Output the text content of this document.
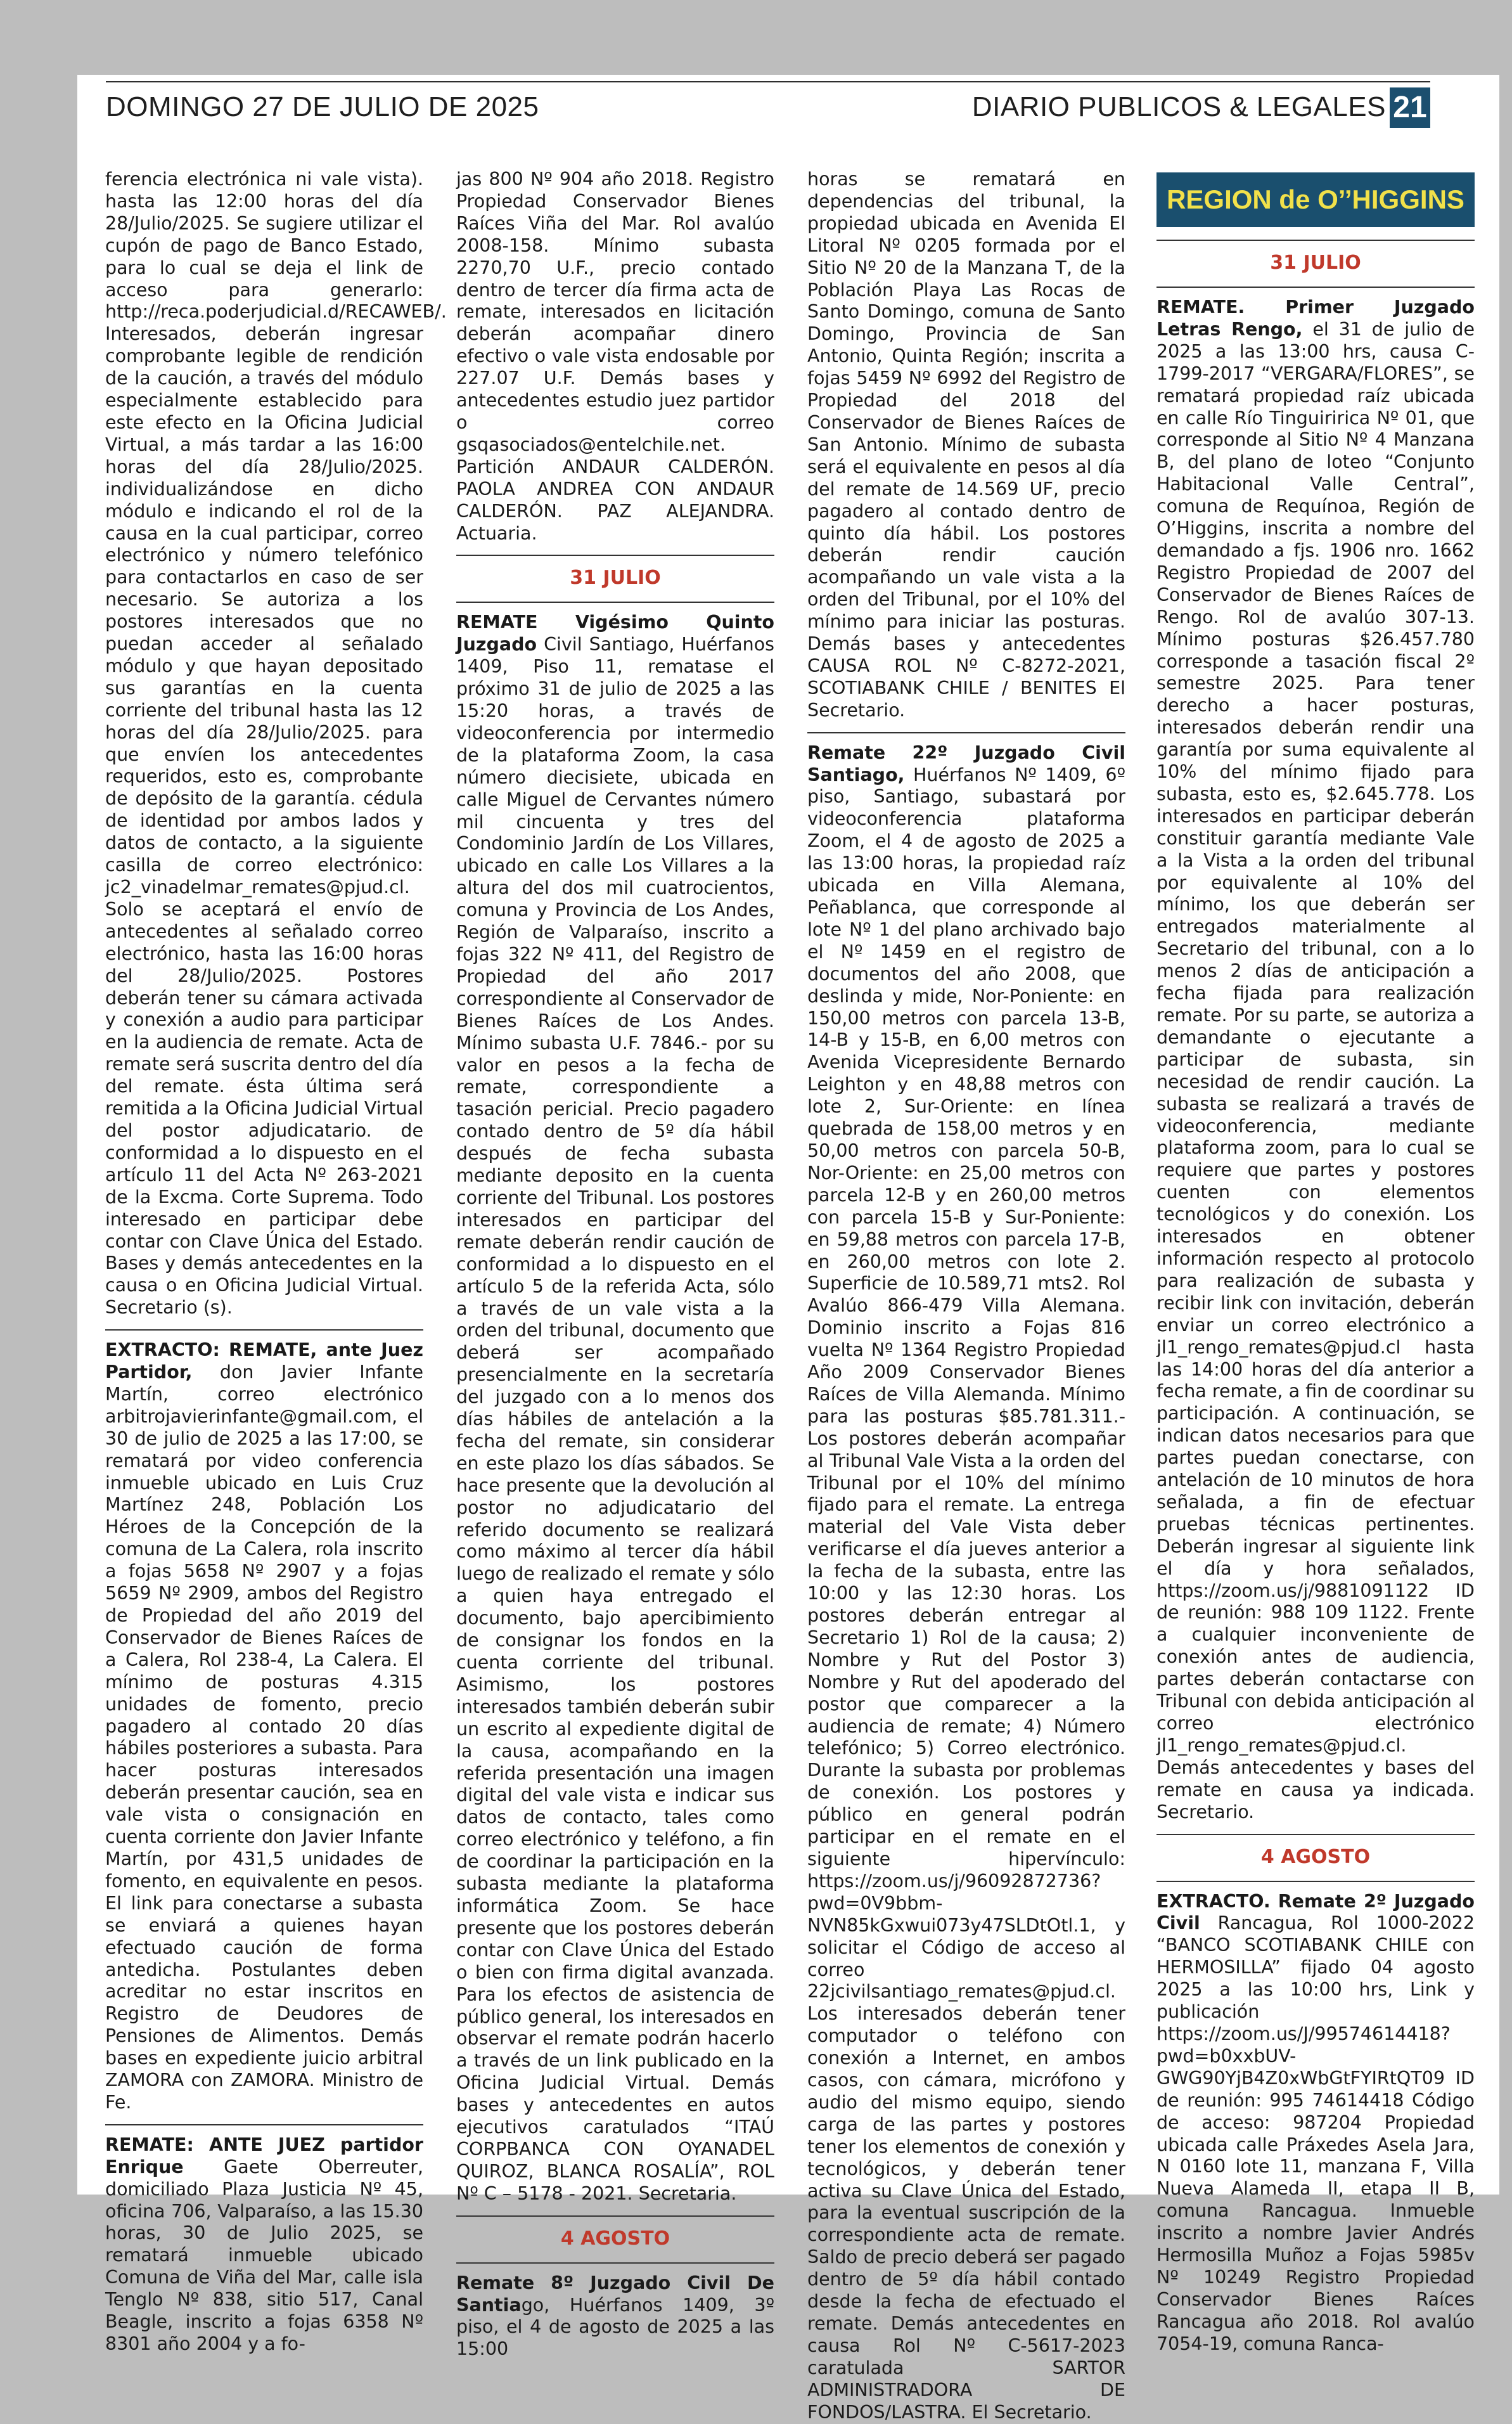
DOMINGO 27 DE JULIO DE 2025	DIARIO PUBLICOS & LEGALES 21

ferencia electrónica ni vale vista). hasta las 12:00 horas del día 28/Julio/2025. Se sugiere utilizar el cupón de pago de Banco Estado, para lo cual se deja el link de acceso para generarlo: http://reca.poderjudicial.d/RECAWEB/. Interesados, deberán ingresar comprobante legible de rendición de la caución, a través del módulo especialmente establecido para este efecto en la Oficina Judicial Virtual, a más tardar a las 16:00 horas del día 28/Julio/2025. individualizándose en dicho módulo e indicando el rol de la causa en la cual participar, correo electrónico y número telefónico para contactarlos en caso de ser necesario. Se autoriza a los postores interesados que no puedan acceder al señalado módulo y que hayan depositado sus garantías en la cuenta corriente del tribunal hasta las 12 horas del día 28/Julio/2025. para que envíen los antecedentes requeridos, esto es, comprobante de depósito de la garantía. cédula de identidad por ambos lados y datos de contacto, a la siguiente casilla de correo electrónico: jc2_vinadelmar_remates@pjud.cl. Solo se aceptará el envío de antecedentes al señalado correo electrónico, hasta las 16:00 horas del 28/Julio/2025. Postores deberán tener su cámara activada y conexión a audio para participar en la audiencia de remate. Acta de remate será suscrita dentro del día del remate. ésta última será remitida a la Oficina Judicial Virtual del postor adjudicatario. de conformidad a lo dispuesto en el artículo 11 del Acta Nº 263-2021 de la Excma. Corte Suprema. Todo interesado en participar debe contar con Clave Única del Estado. Bases y demás antecedentes en la causa o en Oficina Judicial Virtual. Secretario (s).

EXTRACTO: REMATE, ante Juez Partidor, don Javier Infante Martín, correo electrónico arbitrojavierinfante@gmail.com, el 30 de julio de 2025 a las 17:00, se rematará por video conferencia inmueble ubicado en Luis Cruz Martínez 248, Población Los Héroes de la Concepción de la comuna de La Calera, rola inscrito a fojas 5658 Nº 2907 y a fojas 5659 Nº 2909, ambos del Registro de Propiedad del año 2019 del Conservador de Bienes Raíces de a Calera, Rol 238-4, La Calera. El mínimo de posturas 4.315 unidades de fomento, precio pagadero al contado 20 días hábiles posteriores a subasta. Para hacer posturas interesados deberán presentar caución, sea en vale vista o consignación en cuenta corriente don Javier Infante Martín, por 431,5 unidades de fomento, en equivalente en pesos. El link para conectarse a subasta se enviará a quienes hayan efectuado caución de forma antedicha. Postulantes deben acreditar no estar inscritos en Registro de Deudores de Pensiones de Alimentos. Demás bases en expediente juicio arbitral ZAMORA con ZAMORA. Ministro de Fe.

REMATE: ANTE JUEZ partidor Enrique Gaete Oberreuter, domiciliado Plaza Justicia Nº 45, oficina 706, Valparaíso, a las 15.30 horas, 30 de Julio 2025, se rematará inmueble ubicado Comuna de Viña del Mar, calle isla Tenglo Nº 838, sitio 517, Canal Beagle, inscrito a fojas 6358 Nº 8301 año 2004 y a fo-

jas 800 Nº 904 año 2018. Registro Propiedad Conservador Bienes Raíces Viña del Mar. Rol avalúo 2008-158. Mínimo subasta 2270,70 U.F., precio contado dentro de tercer día firma acta de remate, interesados en licitación deberán acompañar dinero efectivo o vale vista endosable por 227.07 U.F. Demás bases y antecedentes estudio juez partidor o correo gsqasociados@entelchile.net. Partición ANDAUR CALDERÓN. PAOLA ANDREA CON ANDAUR CALDERÓN. PAZ ALEJANDRA. Actuaria.

31 JULIO

REMATE Vigésimo Quinto Juzgado Civil Santiago, Huérfanos 1409, Piso 11, rematase el próximo 31 de julio de 2025 a las 15:20 horas, a través de videoconferencia por intermedio de la plataforma Zoom, la casa número diecisiete, ubicada en calle Miguel de Cervantes número mil cincuenta y tres del Condominio Jardín de Los Villares, ubicado en calle Los Villares a la altura del dos mil cuatrocientos, comuna y Provincia de Los Andes, Región de Valparaíso, inscrito a fojas 322 Nº 411, del Registro de Propiedad del año 2017 correspondiente al Conservador de Bienes Raíces de Los Andes. Mínimo subasta U.F. 7846.- por su valor en pesos a la fecha de remate, correspondiente a tasación pericial. Precio pagadero contado dentro de 5º día hábil después de fecha subasta mediante deposito en la cuenta corriente del Tribunal. Los postores interesados en participar del remate deberán rendir caución de conformidad a lo dispuesto en el artículo 5 de la referida Acta, sólo a través de un vale vista a la orden del tribunal, documento que deberá ser acompañado presencialmente en la secretaría del juzgado con a lo menos dos días hábiles de antelación a la fecha del remate, sin considerar en este plazo los días sábados. Se hace presente que la devolución al postor no adjudicatario del referido documento se realizará como máximo al tercer día hábil luego de realizado el remate y sólo a quien haya entregado el documento, bajo apercibimiento de consignar los fondos en la cuenta corriente del tribunal. Asimismo, los postores interesados también deberán subir un escrito al expediente digital de la causa, acompañando en la referida presentación una imagen digital del vale vista e indicar sus datos de contacto, tales como correo electrónico y teléfono, a fin de coordinar la participación en la subasta mediante la plataforma informática Zoom. Se hace presente que los postores deberán contar con Clave Única del Estado o bien con firma digital avanzada. Para los efectos de asistencia de público general, los interesados en observar el remate podrán hacerlo a través de un link publicado en la Oficina Judicial Virtual. Demás bases y antecedentes en autos ejecutivos caratulados “ITAÚ CORPBANCA CON OYANADEL QUIROZ, BLANCA ROSALÍA”, ROL Nº C – 5178 - 2021. Secretaria.

4 AGOSTO

Remate 8º Juzgado Civil De Santiago, Huérfanos 1409, 3º piso, el 4 de agosto de 2025 a las 15:00

horas se rematará en dependencias del tribunal, la propiedad ubicada en Avenida El Litoral Nº 0205 formada por el Sitio Nº 20 de la Manzana T, de la Población Playa Las Rocas de Santo Domingo, comuna de Santo Domingo, Provincia de San Antonio, Quinta Región; inscrita a fojas 5459 Nº 6992 del Registro de Propiedad del 2018 del Conservador de Bienes Raíces de San Antonio. Mínimo de subasta será el equivalente en pesos al día del remate de 14.569 UF, precio pagadero al contado dentro de quinto día hábil. Los postores deberán rendir caución acompañando un vale vista a la orden del Tribunal, por el 10% del mínimo para iniciar las posturas. Demás bases y antecedentes CAUSA ROL Nº C-8272-2021, SCOTIABANK CHILE / BENITES El Secretario.

Remate 22º Juzgado Civil Santiago, Huérfanos Nº 1409, 6º piso, Santiago, subastará por videoconferencia plataforma Zoom, el 4 de agosto de 2025 a las 13:00 horas, la propiedad raíz ubicada en Villa Alemana, Peñablanca, que corresponde al lote Nº 1 del plano archivado bajo el Nº 1459 en el registro de documentos del año 2008, que deslinda y mide, Nor-Poniente: en 150,00 metros con parcela 13-B, 14-B y 15-B, en 6,00 metros con Avenida Vicepresidente Bernardo Leighton y en 48,88 metros con lote 2, Sur-Oriente: en línea quebrada de 158,00 metros y en 50,00 metros con parcela 50-B, Nor-Oriente: en 25,00 metros con parcela 12-B y en 260,00 metros con parcela 15-B y Sur-Poniente: en 59,88 metros con parcela 17-B, en 260,00 metros con lote 2. Superficie de 10.589,71 mts2. Rol Avalúo 866-479 Villa Alemana. Dominio inscrito a Fojas 816 vuelta Nº 1364 Registro Propiedad Año 2009 Conservador Bienes Raíces de Villa Alemanda. Mínimo para las posturas $85.781.311.- Los postores deberán acompañar al Tribunal Vale Vista a la orden del Tribunal por el 10% del mínimo fijado para el remate. La entrega material del Vale Vista deber verificarse el día jueves anterior a la fecha de la subasta, entre las 10:00 y las 12:30 horas. Los postores deberán entregar al Secretario 1) Rol de la causa; 2) Nombre y Rut del Postor 3) Nombre y Rut del apoderado del postor que comparecer a la audiencia de remate; 4) Número telefónico; 5) Correo electrónico. Durante la subasta por problemas de conexión. Los postores y público en general podrán participar en el remate en el siguiente hipervínculo: https://zoom.us/j/96092872736?pwd=0V9bbm-NVN85kGxwui073y47SLDtOtl.1, y solicitar el Código de acceso al correo 22jcivilsantiago_remates@pjud.cl. Los interesados deberán tener computador o teléfono con conexión a Internet, en ambos casos, con cámara, micrófono y audio del mismo equipo, siendo carga de las partes y postores tener los elementos de conexión y tecnológicos, y deberán tener activa su Clave Única del Estado, para la eventual suscripción de la correspondiente acta de remate. Saldo de precio deberá ser pagado dentro de 5º día hábil contado desde la fecha de efectuado el remate. Demás antecedentes en causa Rol Nº C-5617-2023 caratulada SARTOR ADMINISTRADORA DE FONDOS/LASTRA. El Secretario.

REGION de O’’HIGGINS
31 JULIO

REMATE. Primer Juzgado Letras Rengo, el 31 de julio de 2025 a las 13:00 hrs, causa C-1799-2017 “VERGARA/FLORES”, se rematará propiedad raíz ubicada en calle Río Tinguiririca Nº 01, que corresponde al Sitio Nº 4 Manzana B, del plano de loteo “Conjunto Habitacional Valle Central”, comuna de Requínoa, Región de O’Higgins, inscrita a nombre del demandado a fjs. 1906 nro. 1662 Registro Propiedad de 2007 del Conservador de Bienes Raíces de Rengo. Rol de avalúo 307-13. Mínimo posturas $26.457.780 corresponde a tasación fiscal 2º semestre 2025. Para tener derecho a hacer posturas, interesados deberán rendir una garantía por suma equivalente al 10% del mínimo fijado para subasta, esto es, $2.645.778. Los interesados en participar deberán constituir garantía mediante Vale a la Vista a la orden del tribunal por equivalente al 10% del mínimo, los que deberán ser entregados materialmente al Secretario del tribunal, con a lo menos 2 días de anticipación a fecha fijada para realización remate. Por su parte, se autoriza a demandante o ejecutante a participar de subasta, sin necesidad de rendir caución. La subasta se realizará a través de videoconferencia, mediante plataforma zoom, para lo cual se requiere que partes y postores cuenten con elementos tecnológicos y do conexión. Los interesados en obtener información respecto al protocolo para realización de subasta y recibir link con invitación, deberán enviar un correo electrónico a jl1_rengo_remates@pjud.cl hasta las 14:00 horas del día anterior a fecha remate, a fin de coordinar su participación. A continuación, se indican datos necesarios para que partes puedan conectarse, con antelación de 10 minutos de hora señalada, a fin de efectuar pruebas técnicas pertinentes. Deberán ingresar al siguiente link el día y hora señalados, https://zoom.us/j/9881091122 ID de reunión: 988 109 1122. Frente a cualquier inconveniente de conexión antes de audiencia, partes deberán contactarse con Tribunal con debida anticipación al correo electrónico jl1_rengo_remates@pjud.cl. Demás antecedentes y bases del remate en causa ya indicada. Secretario.

4 AGOSTO

EXTRACTO. Remate 2º Juzgado Civil Rancagua, Rol 1000-2022 “BANCO SCOTIABANK CHILE con HERMOSILLA” fijado 04 agosto 2025 a las 10:00 hrs, Link y publicación https://zoom.us/J/99574614418?pwd=b0xxbUV-GWG90YjB4Z0xWbGtFYIRtQT09 ID de reunión: 995 74614418 Código de acceso: 987204 Propiedad ubicada calle Práxedes Asela Jara, N 0160 lote 11, manzana F, Villa Nueva Alameda II, etapa II B, comuna Rancagua. Inmueble inscrito a nombre Javier Andrés Hermosilla Muñoz a Fojas 5985v Nº 10249 Registro Propiedad Conservador Bienes Raíces Rancagua año 2018. Rol avalúo 7054-19, comuna Ranca-
